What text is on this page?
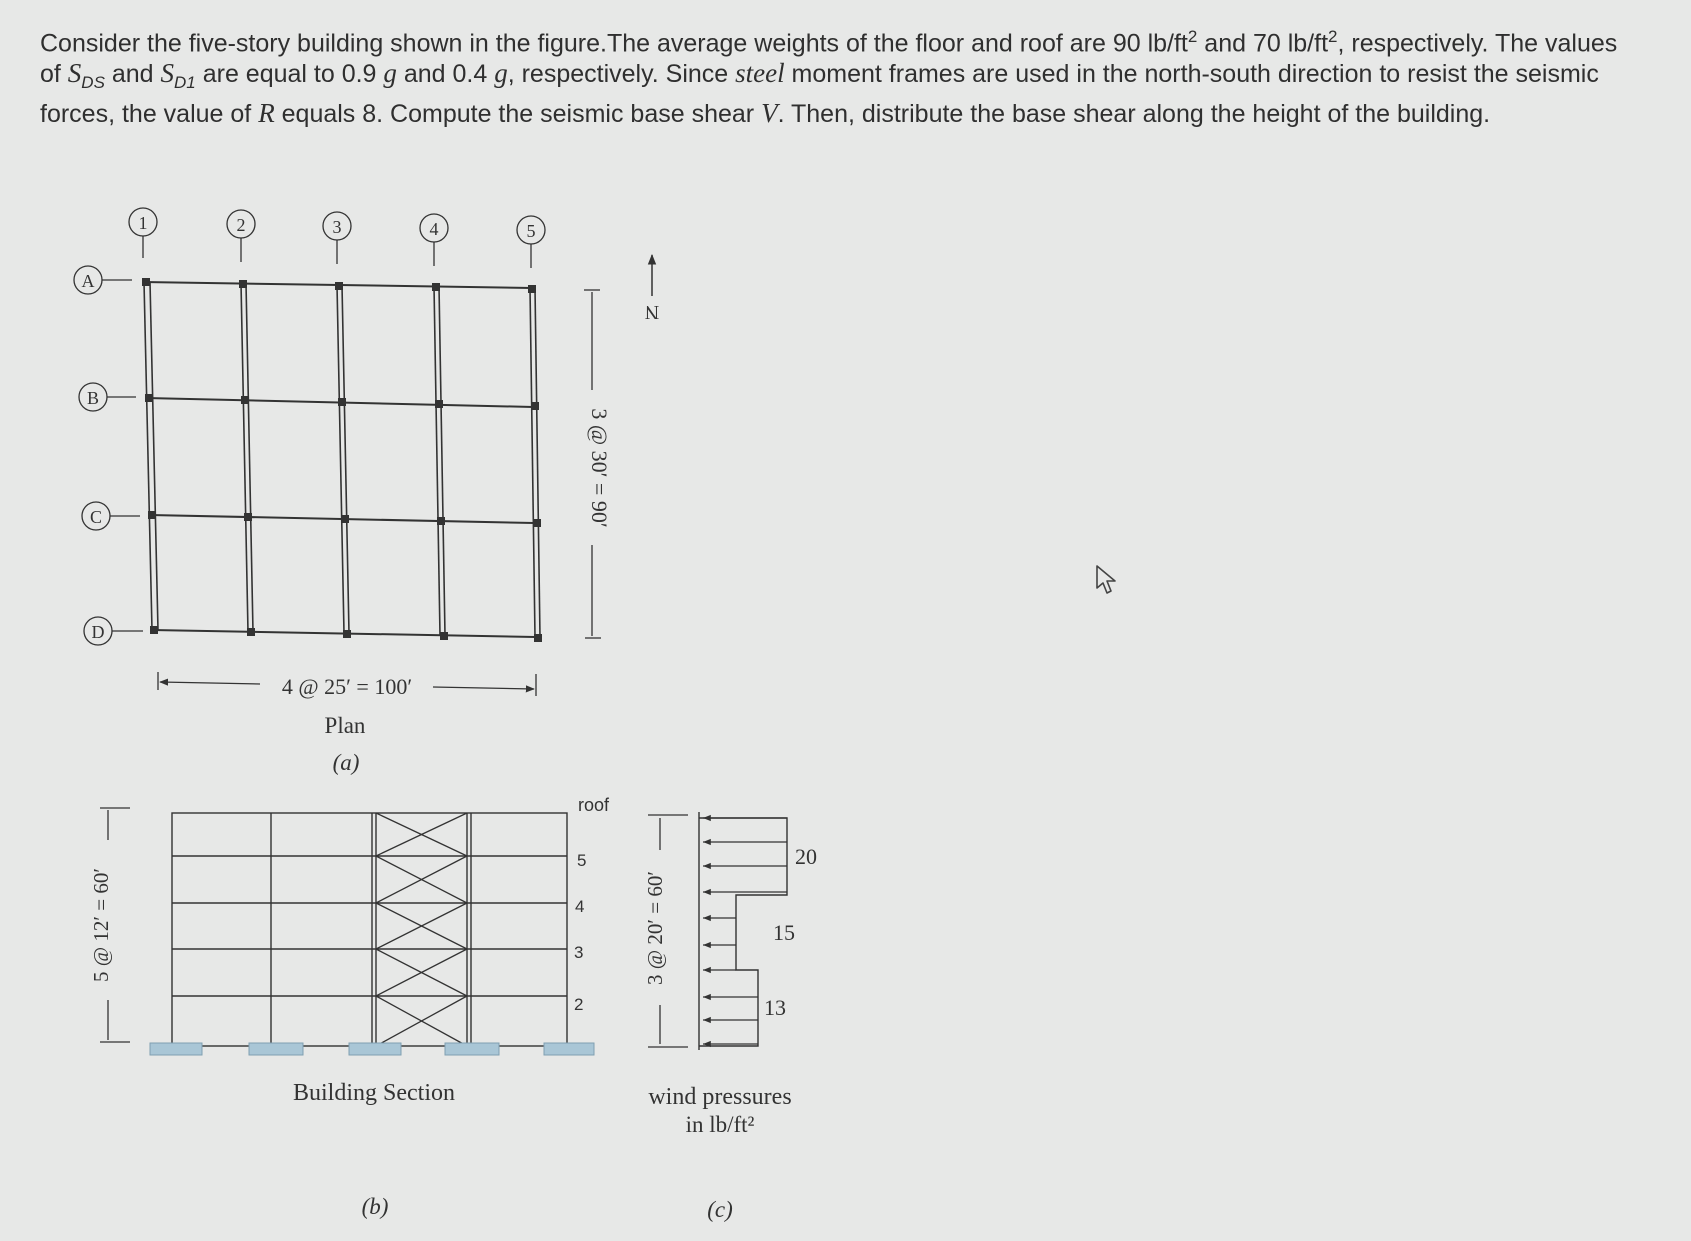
Consider the five-story building shown in the figure.The average weights of the floor and roof are 90 $lb/ft^2$ and 70 $lb/ft^2$, respectively. The values of $S_{DS}$ and $S_{D1}$ are equal to 0.9 g and 0.4 g, respectively. Since steel moment frames are used in the north-south direction to resist the seismic forces, the value of R equals 8. Compute the seismic base shear V. Then, distribute the base shear along the height of the building.

1	2	3	4	5
A
B
C
D
4 @ 25′ = 100′
3 @ 30′ = 90′
N
Plan
(a)
5 @ 12′ = 60′
roof
5
4
3
2
Building Section
(b)
3 @ 20′ = 60′
20
15
13
wind pressures
in lb/ft²
(c)
